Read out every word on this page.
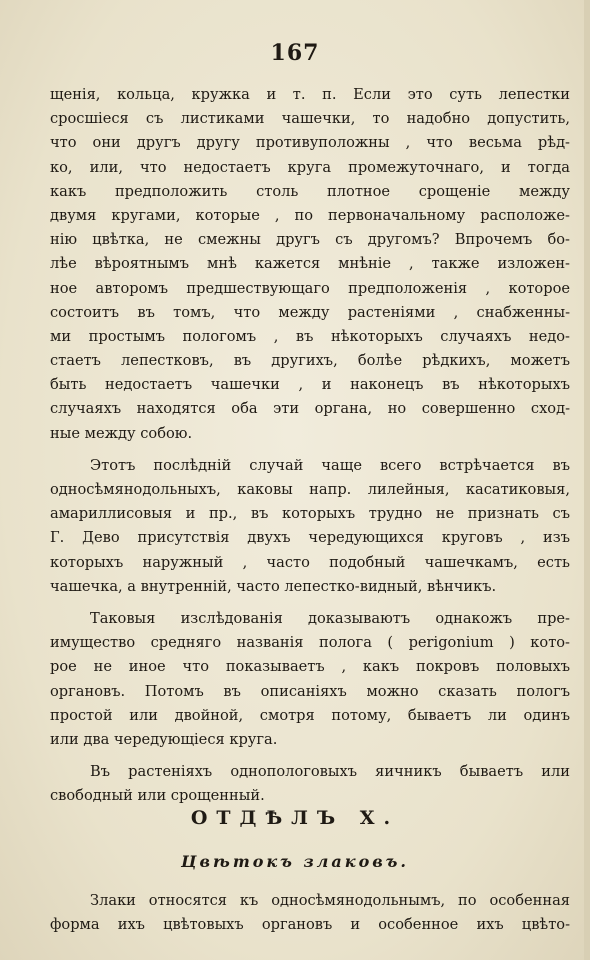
167
щенія, кольца, кружка и т. п. Если это суть лепестки
сросшіеся съ листиками чашечки, то надобно допустить,
что они другъ другу противуположны , что весьма рѣд-
ко, или, что недостаетъ круга промежуточнаго, и тогда
какъ предположить столь плотное срощеніе между
двумя кругами, которые , по первоначальному расположе-
нію цвѣтка, не смежны другъ съ другомъ? Впрочемъ бо-
лѣе вѣроятнымъ мнѣ кажется мнѣніе , также изложен-
ное авторомъ предшествующаго предположенія , которое
состоитъ въ томъ, что между растеніями , снабженны-
ми простымъ пологомъ , въ нѣкоторыхъ случаяхъ недо-
стаетъ лепестковъ, въ другихъ, болѣе рѣдкихъ, можетъ
быть недостаетъ чашечки , и наконецъ въ нѣкоторыхъ
случаяхъ находятся оба эти органа, но совершенно сход-
ные между собою.
Этотъ послѣдній случай чаще всего встрѣчается въ
односѣмянодольныхъ, каковы напр. лилейныя, касатиковыя,
амариллисовыя и пр., въ которыхъ трудно не признать съ
Г. Дево присутствія двухъ чередующихся круговъ , изъ
которыхъ наружный , часто подобный чашечкамъ, есть
чашечка, а внутренній, часто лепестко-видный, вѣнчикъ.
Таковыя изслѣдованія доказываютъ однакожъ пре-
имущество средняго названія полога ( perigonium ) кото-
рое не иное что показываетъ , какъ покровъ половыхъ
органовъ. Потомъ въ описаніяхъ можно сказать пологъ
простой или двойной, смотря потому, бываетъ ли одинъ
или два чередующіеся круга.
Въ растеніяхъ однопологовыхъ яичникъ бываетъ или
свободный или срощенный.
ОТДѢЛЪ X.
Цвѣтокъ злаковъ.
Злаки относятся къ односѣмянодольнымъ, по особенная
форма ихъ цвѣтовыхъ органовъ и особенное ихъ цвѣто-
